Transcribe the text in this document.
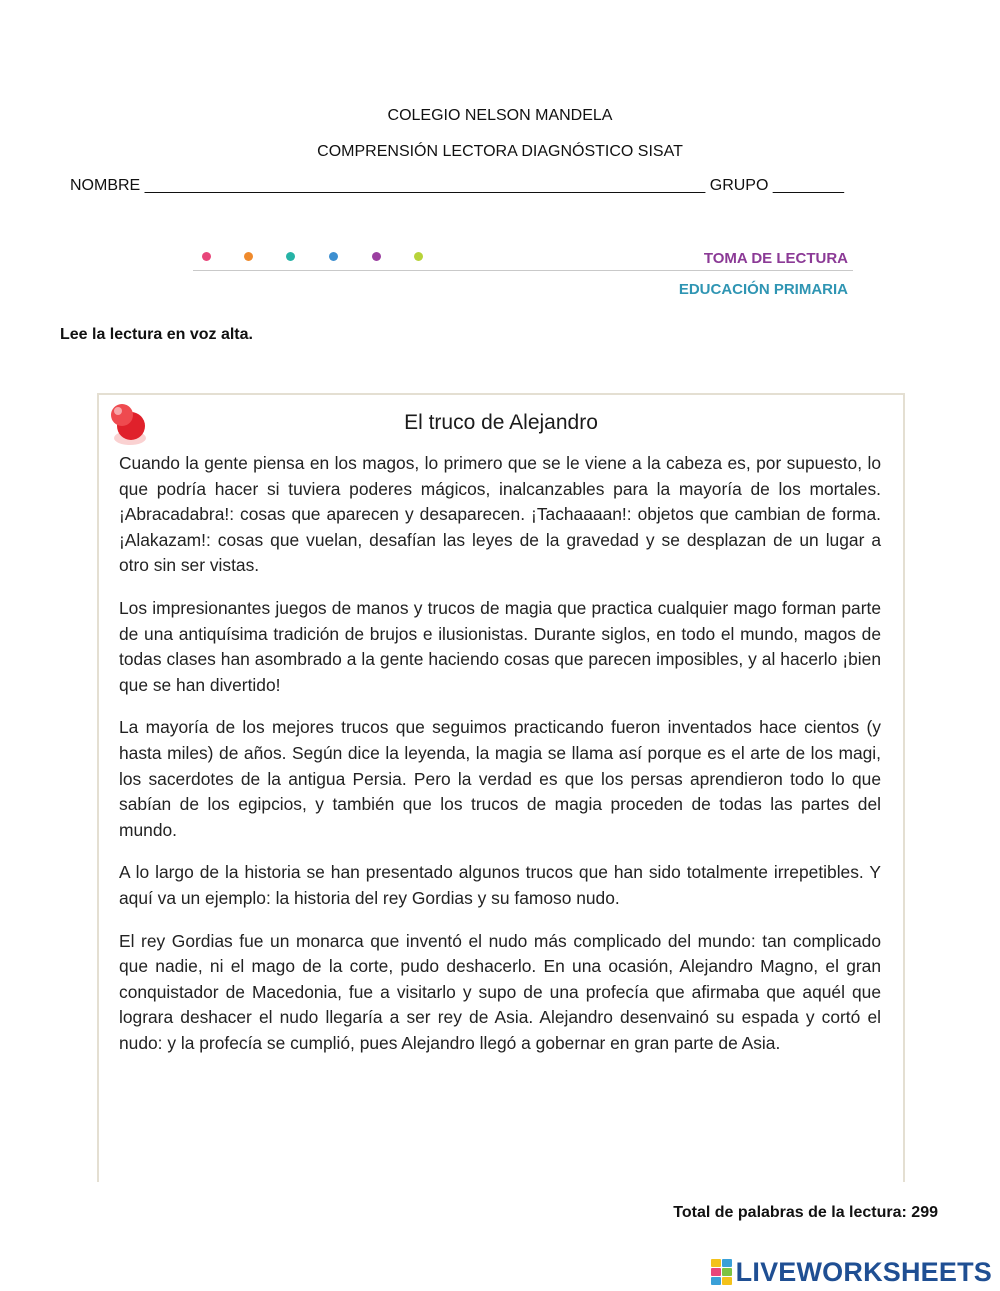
COLEGIO NELSON MANDELA
COMPRENSIÓN LECTORA DIAGNÓSTICO SISAT
NOMBRE _______________________________________________________________ GRUPO ________
TOMA DE LECTURA
EDUCACIÓN PRIMARIA
Lee la lectura en voz alta.
El truco de Alejandro

Cuando la gente piensa en los magos, lo primero que se le viene a la cabeza es, por supuesto, lo que podría hacer si tuviera poderes mágicos, inalcanzables para la mayoría de los mortales. ¡Abracadabra!: cosas que aparecen y desaparecen. ¡Tachaaaan!: objetos que cambian de forma. ¡Alakazam!: cosas que vuelan, desafían las leyes de la gravedad y se desplazan de un lugar a otro sin ser vistas.

Los impresionantes juegos de manos y trucos de magia que practica cualquier mago forman parte de una antiquísima tradición de brujos e ilusionistas. Durante siglos, en todo el mundo, magos de todas clases han asombrado a la gente haciendo cosas que parecen imposibles, y al hacerlo ¡bien que se han divertido!

La mayoría de los mejores trucos que seguimos practicando fueron inventados hace cientos (y hasta miles) de años. Según dice la leyenda, la magia se llama así porque es el arte de los magi, los sacerdotes de la antigua Persia. Pero la verdad es que los persas aprendieron todo lo que sabían de los egipcios, y también que los trucos de magia proceden de todas las partes del mundo.

A lo largo de la historia se han presentado algunos trucos que han sido totalmente irrepetibles. Y aquí va un ejemplo: la historia del rey Gordias y su famoso nudo.

El rey Gordias fue un monarca que inventó el nudo más complicado del mundo: tan complicado que nadie, ni el mago de la corte, pudo deshacerlo. En una ocasión, Alejandro Magno, el gran conquistador de Macedonia, fue a visitarlo y supo de una profecía que afirmaba que aquél que lograra deshacer el nudo llegaría a ser rey de Asia. Alejandro desenvainó su espada y cortó el nudo: y la profecía se cumplió, pues Alejandro llegó a gobernar en gran parte de Asia.

Total de palabras de la lectura: 299
LIVEWORKSHEETS
